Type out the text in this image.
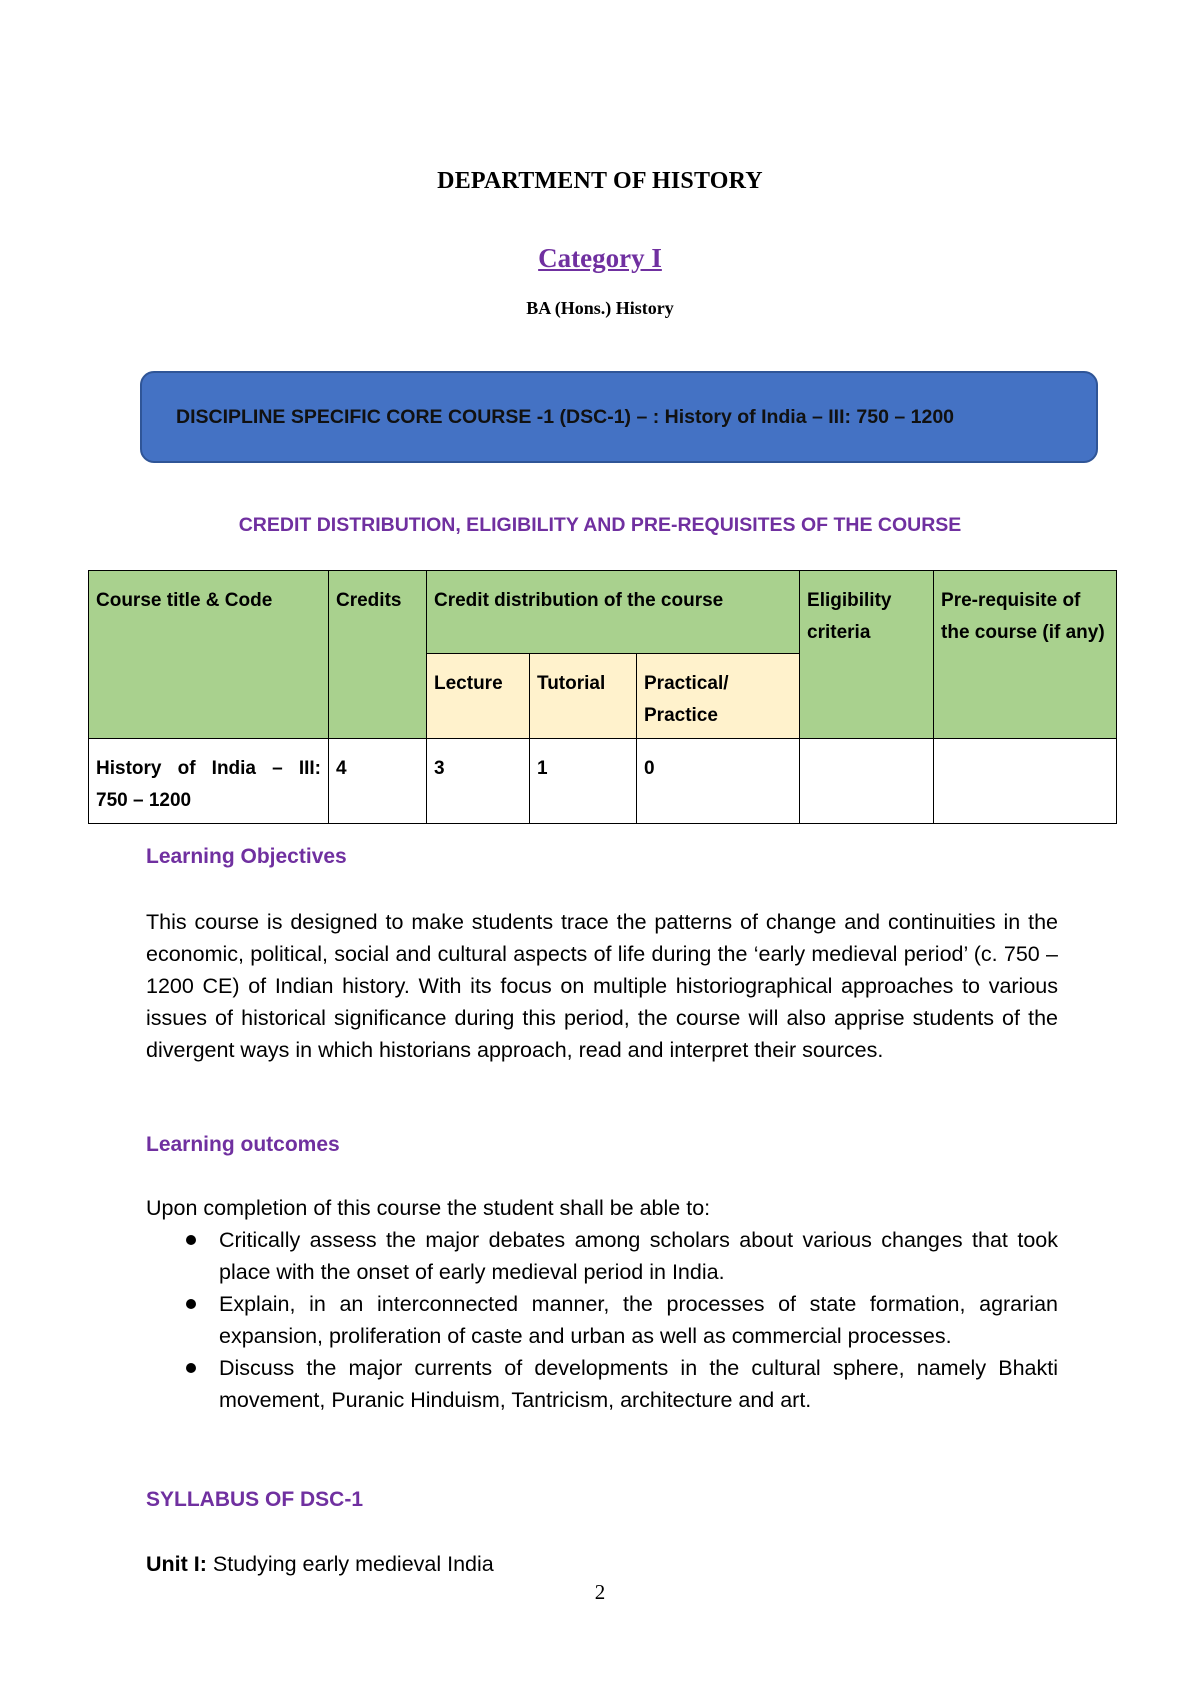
DEPARTMENT OF HISTORY
Category I
BA (Hons.) History
DISCIPLINE SPECIFIC CORE COURSE -1 (DSC-1) – : History of India – III: 750 – 1200
CREDIT DISTRIBUTION, ELIGIBILITY AND PRE-REQUISITES OF THE COURSE
Course title & Code	Credits	Credit distribution of the course			Eligibility criteria	Pre-requisite of the course (if any)
		Lecture	Tutorial	Practical/ Practice		

History of India – III:
750 – 1200	4	3	1	0		
Learning Objectives
This course is designed to make students trace the patterns of change and continuities in the economic, political, social and cultural aspects of life during the ‘early medieval period’ (c. 750 – 1200 CE) of Indian history. With its focus on multiple historiographical approaches to various issues of historical significance during this period, the course will also apprise students of the divergent ways in which historians approach, read and interpret their sources.
Learning outcomes
Upon completion of this course the student shall be able to:
Critically assess the major debates among scholars about various changes that took place with the onset of early medieval period in India.
Explain, in an interconnected manner, the processes of state formation, agrarian expansion, proliferation of caste and urban as well as commercial processes.
Discuss the major currents of developments in the cultural sphere, namely Bhakti movement, Puranic Hinduism, Tantricism, architecture and art.
SYLLABUS OF DSC-1
Unit I: Studying early medieval India
2
